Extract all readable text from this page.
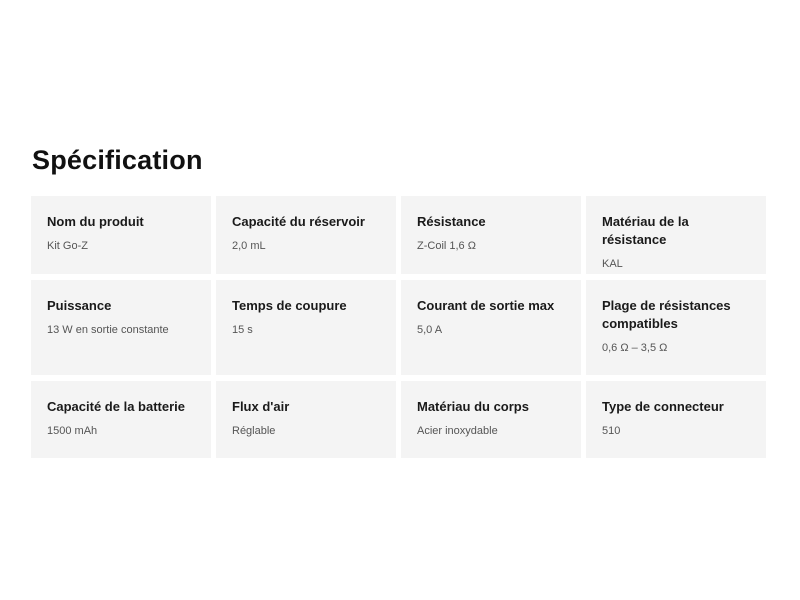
Spécification
Nom du produit
Kit Go-Z
Capacité du réservoir
2,0 mL
Résistance
Z-Coil 1,6 Ω
Matériau de la résistance
KAL
Puissance
13 W en sortie constante
Temps de coupure
15 s
Courant de sortie max
5,0 A
Plage de résistances compatibles
0,6 Ω – 3,5 Ω
Capacité de la batterie
1500 mAh
Flux d'air
Réglable
Matériau du corps
Acier inoxydable
Type de connecteur
510
